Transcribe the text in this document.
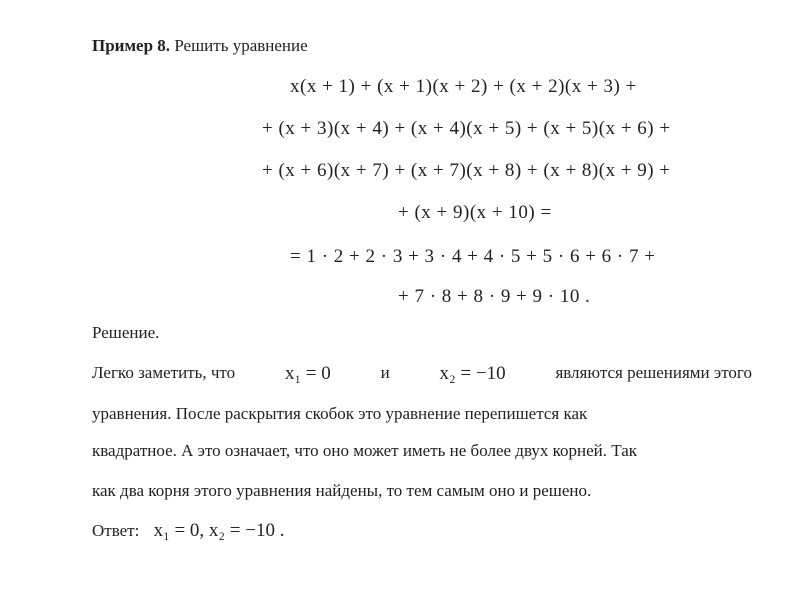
Пример 8. Решить уравнение
x(x + 1) + (x + 1)(x + 2) + (x + 2)(x + 3) +
+ (x + 3)(x + 4) + (x + 4)(x + 5) + (x + 5)(x + 6) +
+ (x + 6)(x + 7) + (x + 7)(x + 8) + (x + 8)(x + 9) +
+ (x + 9)(x + 10) =
= 1 · 2 + 2 · 3 + 3 · 4 + 4 · 5 + 5 · 6 + 6 · 7 +
+ 7 · 8 + 8 · 9 + 9 · 10 .
Решение.
Легко заметить, что	x₁ = 0	и	x₂ = −10	являются решениями этого
уравнения. После раскрытия скобок это уравнение перепишется как
квадратное. А это означает, что оно может иметь не более двух корней. Так
как два корня этого уравнения найдены, то тем самым оно и решено.
Ответ: x₁ = 0, x₂ = −10 .
